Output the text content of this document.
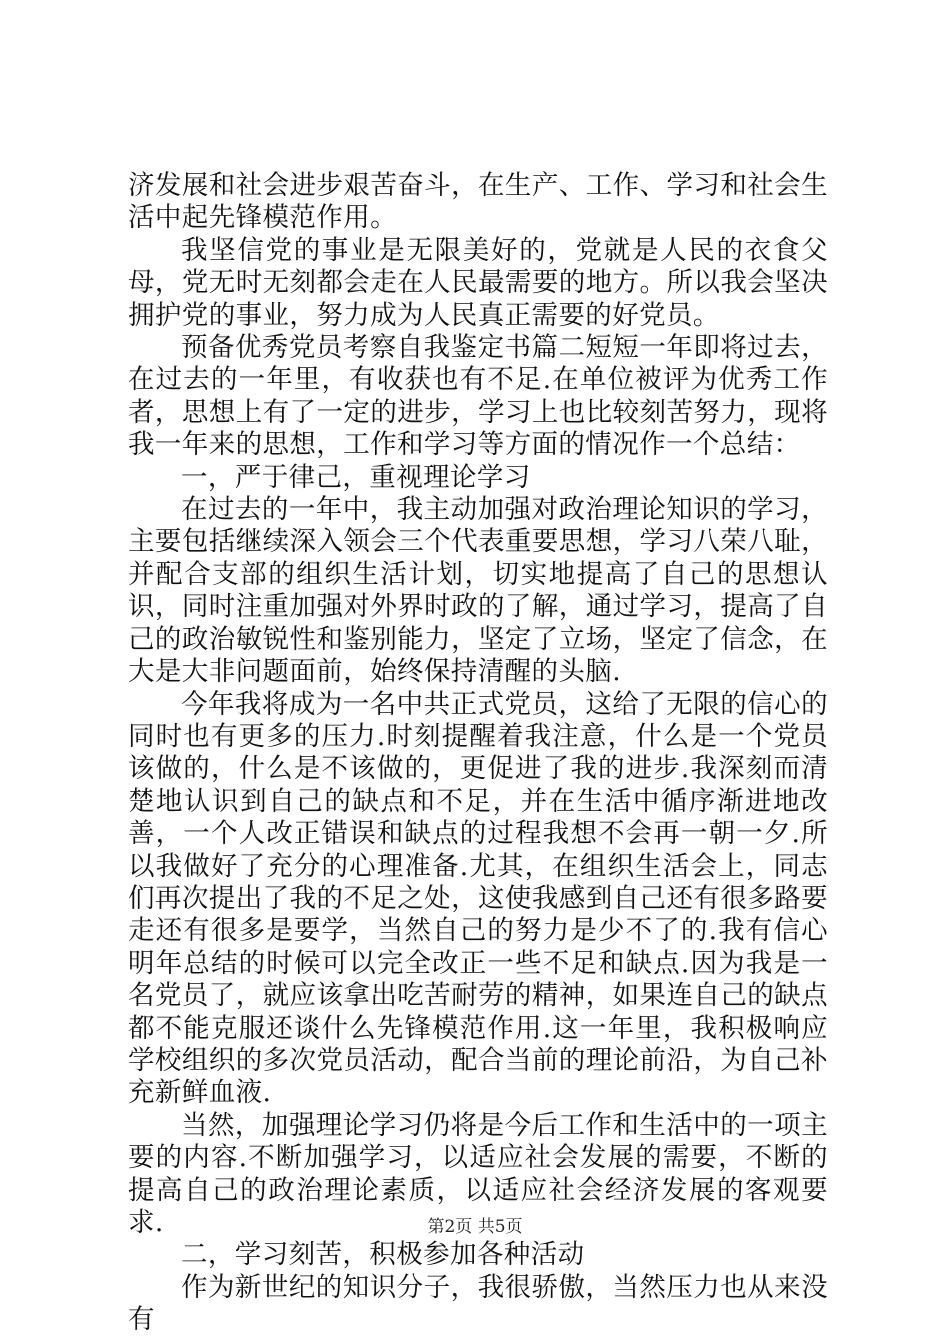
济发展和社会进步艰苦奋斗，在生产、工作、学习和社会生活中起先锋模范作用。

我坚信党的事业是无限美好的，党就是人民的衣食父母，党无时无刻都会走在人民最需要的地方。所以我会坚决拥护党的事业，努力成为人民真正需要的好党员。

预备优秀党员考察自我鉴定书篇二短短一年即将过去，在过去的一年里，有收获也有不足.在单位被评为优秀工作者，思想上有了一定的进步，学习上也比较刻苦努力，现将我一年来的思想，工作和学习等方面的情况作一个总结：

一，严于律己，重视理论学习

在过去的一年中，我主动加强对政治理论知识的学习，主要包括继续深入领会三个代表重要思想，学习八荣八耻，并配合支部的组织生活计划，切实地提高了自己的思想认识，同时注重加强对外界时政的了解，通过学习，提高了自己的政治敏锐性和鉴别能力，坚定了立场，坚定了信念，在大是大非问题面前，始终保持清醒的头脑.

今年我将成为一名中共正式党员，这给了无限的信心的同时也有更多的压力.时刻提醒着我注意，什么是一个党员该做的，什么是不该做的，更促进了我的进步.我深刻而清楚地认识到自己的缺点和不足，并在生活中循序渐进地改善，一个人改正错误和缺点的过程我想不会再一朝一夕.所以我做好了充分的心理准备.尤其，在组织生活会上，同志们再次提出了我的不足之处，这使我感到自己还有很多路要走还有很多是要学，当然自己的努力是少不了的.我有信心明年总结的时候可以完全改正一些不足和缺点.因为我是一名党员了，就应该拿出吃苦耐劳的精神，如果连自己的缺点都不能克服还谈什么先锋模范作用.这一年里，我积极响应学校组织的多次党员活动，配合当前的理论前沿，为自己补充新鲜血液.

当然，加强理论学习仍将是今后工作和生活中的一项主要的内容.不断加强学习，以适应社会发展的需要，不断的提高自己的政治理论素质，以适应社会经济发展的客观要求.

二，学习刻苦，积极参加各种活动

作为新世纪的知识分子，我很骄傲，当然压力也从来没有

第2页 共5页
